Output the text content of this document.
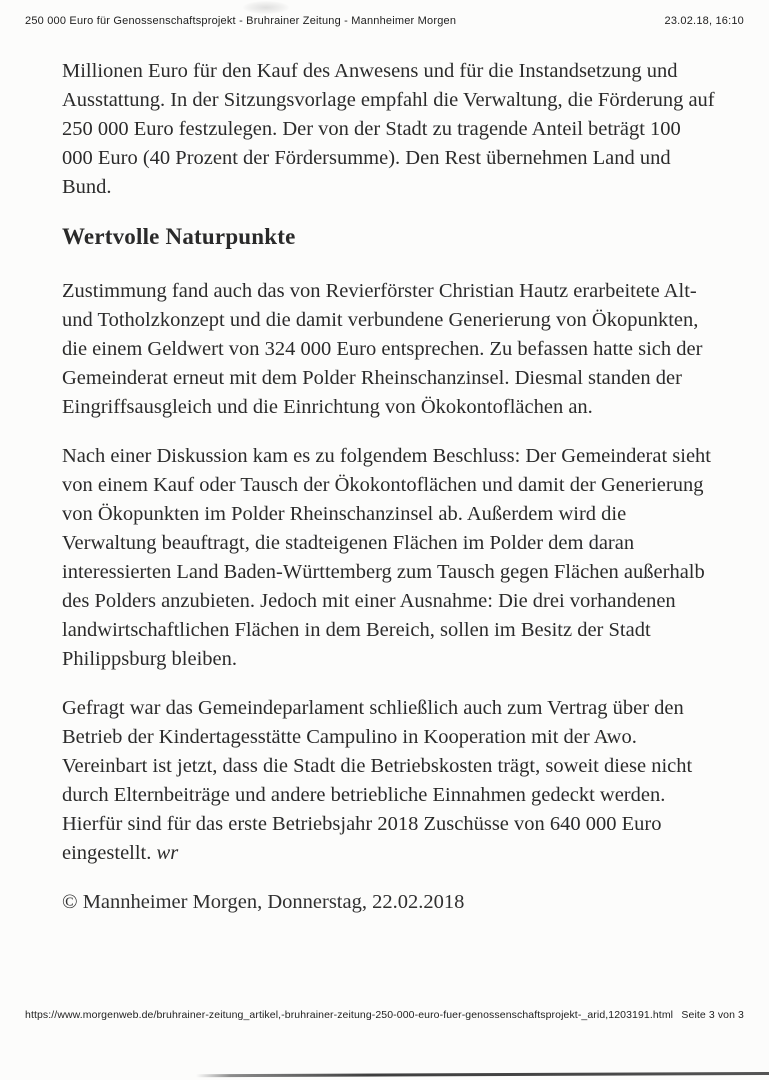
250 000 Euro für Genossenschaftsprojekt - Bruhrainer Zeitung - Mannheimer Morgen	23.02.18, 16:10

Millionen Euro für den Kauf des Anwesens und für die Instandsetzung und Ausstattung. In der Sitzungsvorlage empfahl die Verwaltung, die Förderung auf 250 000 Euro festzulegen. Der von der Stadt zu tragende Anteil beträgt 100 000 Euro (40 Prozent der Fördersumme). Den Rest übernehmen Land und Bund.

Wertvolle Naturpunkte

Zustimmung fand auch das von Revierförster Christian Hautz erarbeitete Alt- und Totholzkonzept und die damit verbundene Generierung von Ökopunkten, die einem Geldwert von 324 000 Euro entsprechen. Zu befassen hatte sich der Gemeinderat erneut mit dem Polder Rheinschanzinsel. Diesmal standen der Eingriffsausgleich und die Einrichtung von Ökokontoflächen an.

Nach einer Diskussion kam es zu folgendem Beschluss: Der Gemeinderat sieht von einem Kauf oder Tausch der Ökokontoflächen und damit der Generierung von Ökopunkten im Polder Rheinschanzinsel ab. Außerdem wird die Verwaltung beauftragt, die stadteigenen Flächen im Polder dem daran interessierten Land Baden-Württemberg zum Tausch gegen Flächen außerhalb des Polders anzubieten. Jedoch mit einer Ausnahme: Die drei vorhandenen landwirtschaftlichen Flächen in dem Bereich, sollen im Besitz der Stadt Philippsburg bleiben.

Gefragt war das Gemeindeparlament schließlich auch zum Vertrag über den Betrieb der Kindertagesstätte Campulino in Kooperation mit der Awo. Vereinbart ist jetzt, dass die Stadt die Betriebskosten trägt, soweit diese nicht durch Elternbeiträge und andere betriebliche Einnahmen gedeckt werden. Hierfür sind für das erste Betriebsjahr 2018 Zuschüsse von 640 000 Euro eingestellt. wr

© Mannheimer Morgen, Donnerstag, 22.02.2018

https://www.morgenweb.de/bruhrainer-zeitung_artikel,-bruhrainer-zeitung-250-000-euro-fuer-genossenschaftsprojekt-_arid,1203191.html Seite 3 von 3
